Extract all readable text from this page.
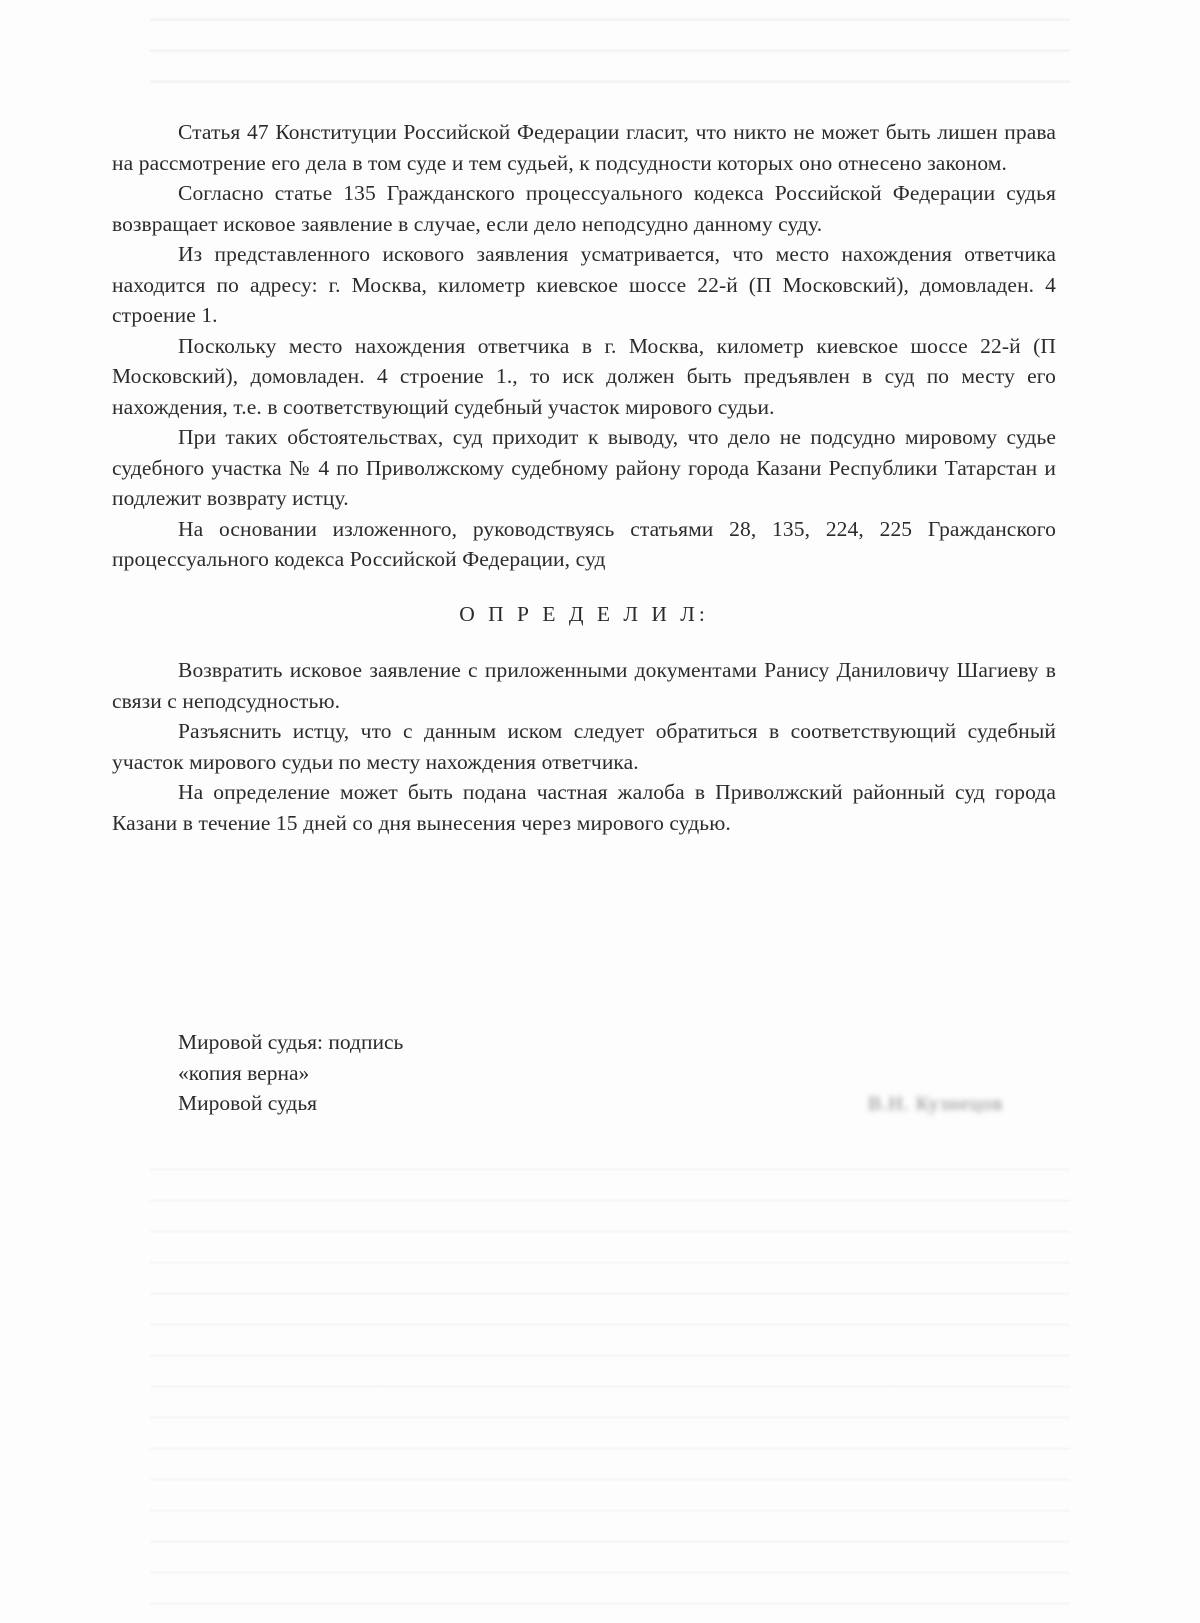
Статья 47 Конституции Российской Федерации гласит, что никто не может быть лишен права на рассмотрение его дела в том суде и тем судьей, к подсудности которых оно отнесено законом.

Согласно статье 135 Гражданского процессуального кодекса Российской Федерации судья возвращает исковое заявление в случае, если дело неподсудно данному суду.

Из представленного искового заявления усматривается, что место нахождения ответчика находится по адресу: г. Москва, километр киевское шоссе 22-й (П Московский), домовладен. 4 строение 1.

Поскольку место нахождения ответчика в г. Москва, километр киевское шоссе 22-й (П Московский), домовладен. 4 строение 1., то иск должен быть предъявлен в суд по месту его нахождения, т.е. в соответствующий судебный участок мирового судьи.

При таких обстоятельствах, суд приходит к выводу, что дело не подсудно мировому судье судебного участка № 4 по Приволжскому судебному району города Казани Республики Татарстан и подлежит возврату истцу.

На основании изложенного, руководствуясь статьями 28, 135, 224, 225 Гражданского процессуального кодекса Российской Федерации, суд

О П Р Е Д Е Л И Л:

Возвратить исковое заявление с приложенными документами Ранису Даниловичу Шагиеву в связи с неподсудностью.

Разъяснить истцу, что с данным иском следует обратиться в соответствующий судебный участок мирового судьи по месту нахождения ответчика.

На определение может быть подана частная жалоба в Приволжский районный суд города Казани в течение 15 дней со дня вынесения через мирового судью.

Мировой судья: подпись
«копия верна»
Мировой судья	В.Н. Кузнецов
